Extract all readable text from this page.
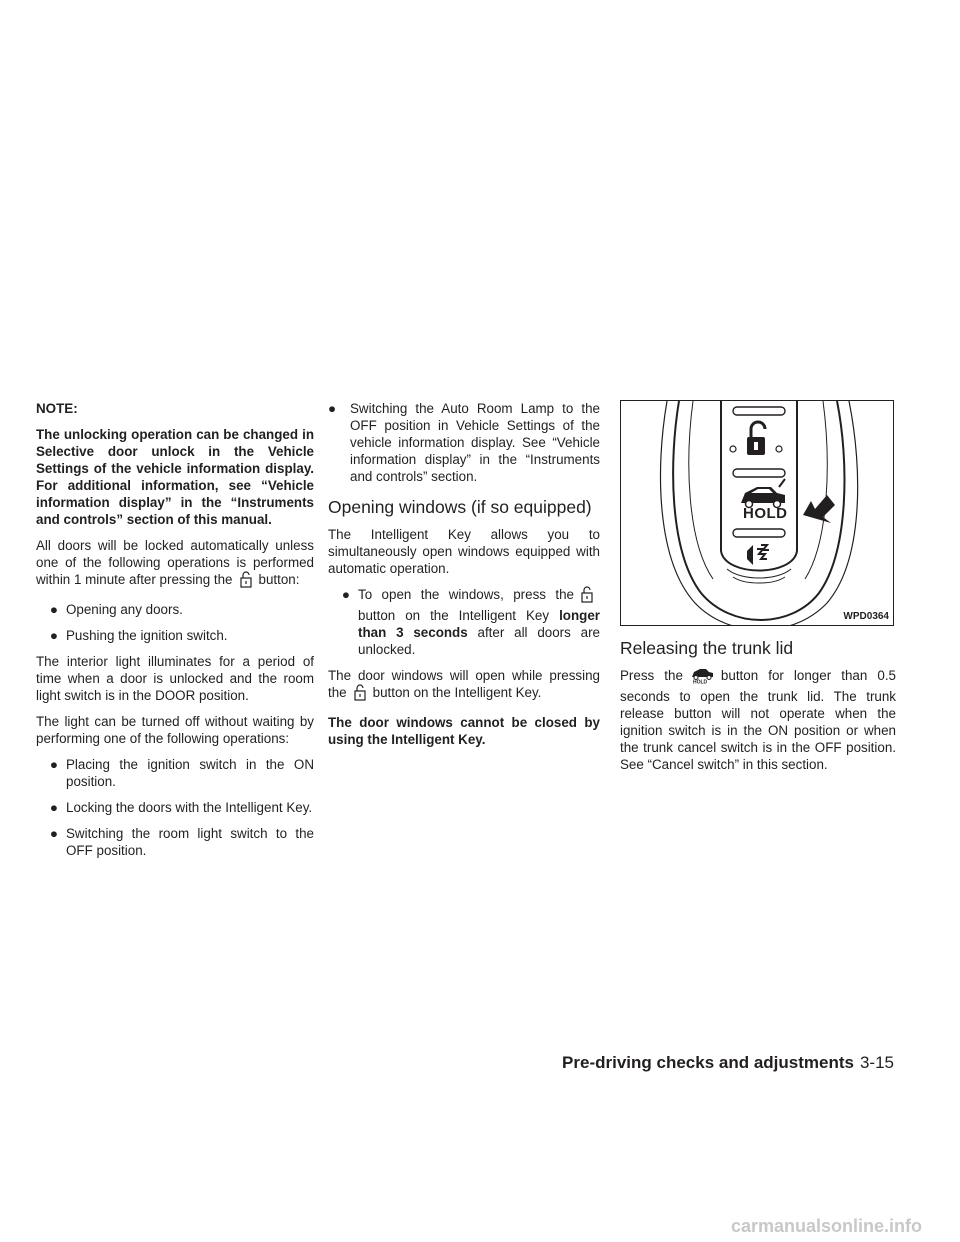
NOTE:

The unlocking operation can be changed in Selective door unlock in the Vehicle Settings of the vehicle information display. For additional information, see “Vehicle information display” in the “Instruments and controls” section of this manual.

All doors will be locked automatically unless one of the following operations is performed within 1 minute after pressing the button:

● Opening any doors.
● Pushing the ignition switch.

The interior light illuminates for a period of time when a door is unlocked and the room light switch is in the DOOR position.

The light can be turned off without waiting by performing one of the following operations:

● Placing the ignition switch in the ON position.
● Locking the doors with the Intelligent Key.
● Switching the room light switch to the OFF position.
●	Switching the Auto Room Lamp to the OFF position in Vehicle Settings of the vehicle information display. See “Vehicle information display” in the “Instruments and controls” section.
Opening windows (if so equipped)

The Intelligent Key allows you to simultaneously open windows equipped with automatic operation.

● To open the windows, press thebutton on the Intelligent Key longer than 3 seconds after all doors are unlocked.

The door windows will open while pressing the button on the Intelligent Key.

The door windows cannot be closed by using the Intelligent Key.

HOLD
WPD0364
Releasing the trunk lid

Press the HOLD button for longer than 0.5 seconds to open the trunk lid. The trunk release button will not operate when the ignition switch is in the ON position or when the trunk cancel switch is in the OFF position. See “Cancel switch” in this section.

Pre-driving checks and adjustments 3-15
carmanualsonline.info
